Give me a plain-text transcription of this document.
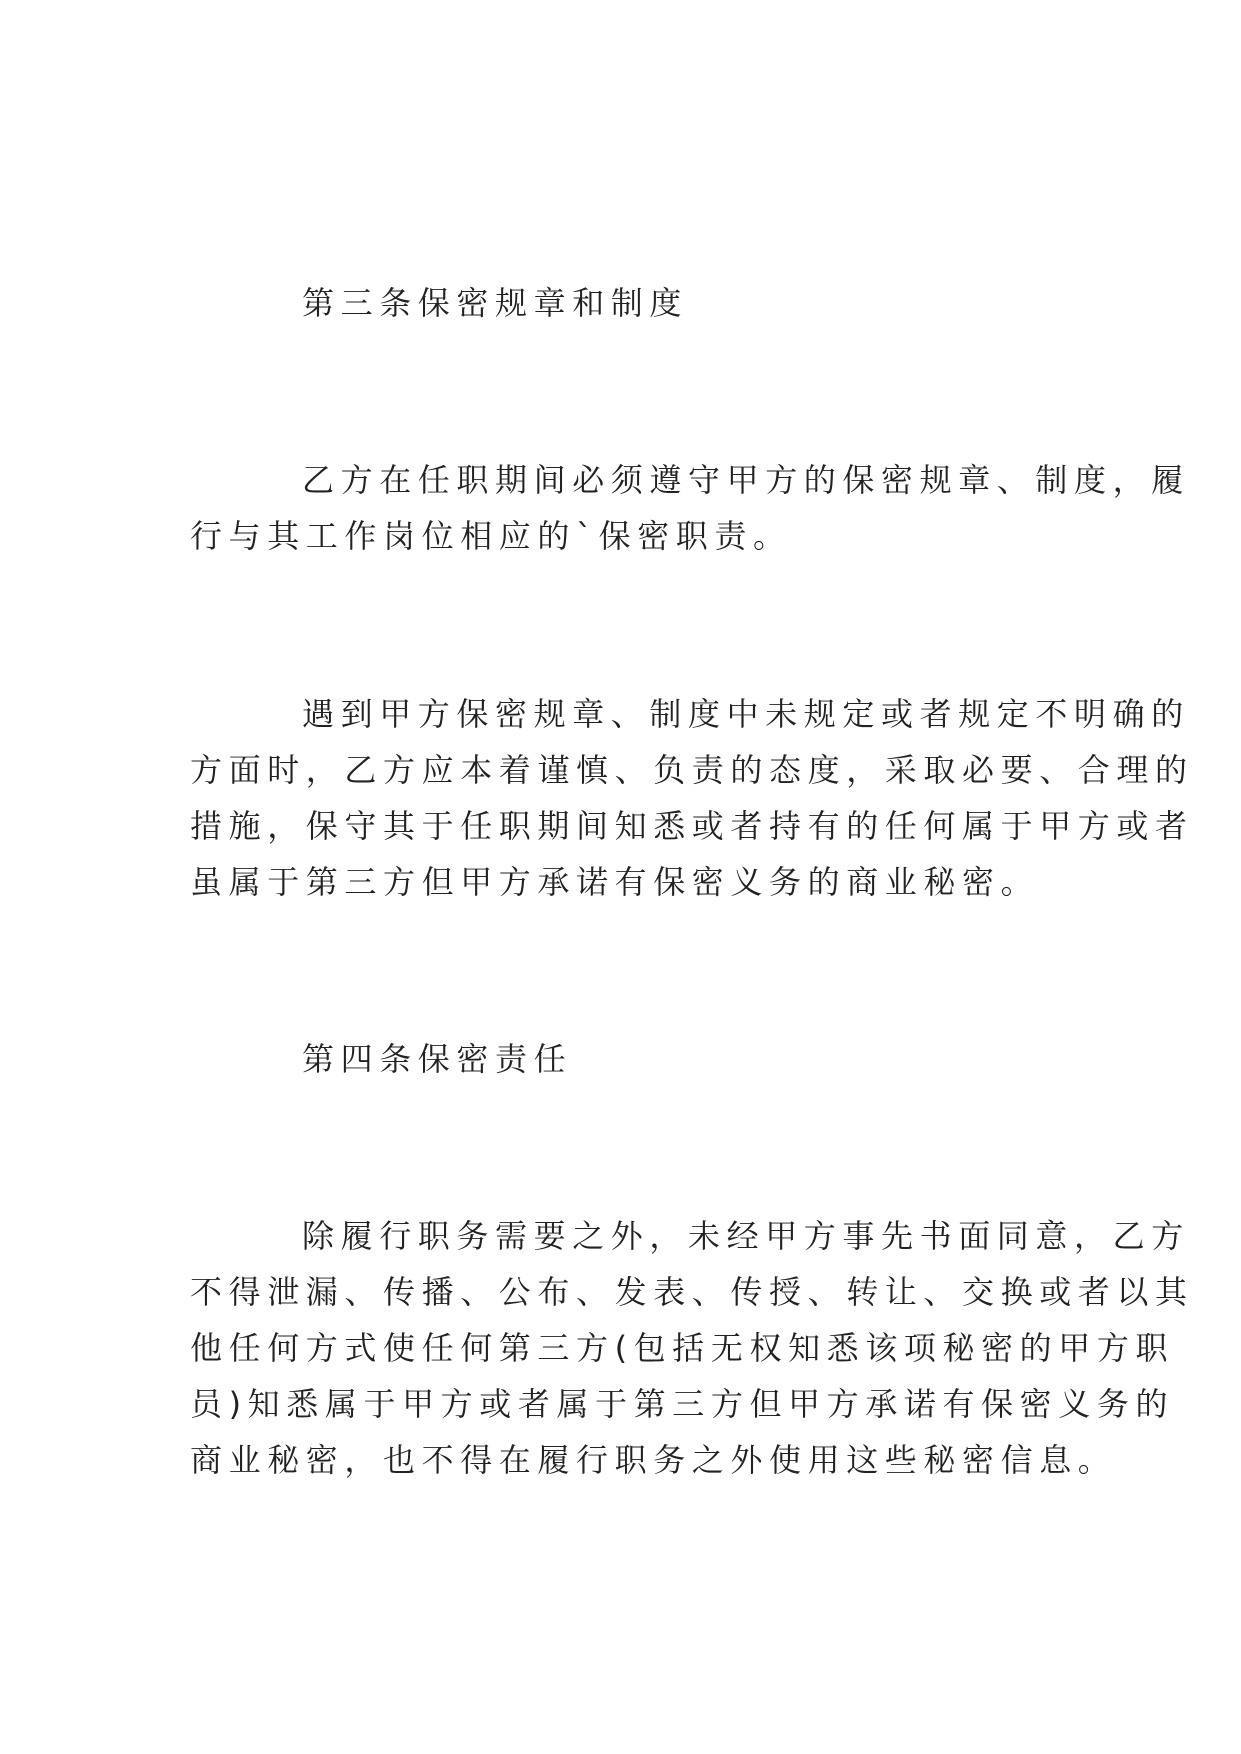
第三条保密规章和制度
乙方在任职期间必须遵守甲方的保密规章、制度，履
行与其工作岗位相应的`保密职责。
遇到甲方保密规章、制度中未规定或者规定不明确的
方面时，乙方应本着谨慎、负责的态度，采取必要、合理的
措施，保守其于任职期间知悉或者持有的任何属于甲方或者
虽属于第三方但甲方承诺有保密义务的商业秘密。
第四条保密责任
除履行职务需要之外，未经甲方事先书面同意，乙方
不得泄漏、传播、公布、发表、传授、转让、交换或者以其
他任何方式使任何第三方(包括无权知悉该项秘密的甲方职
员)知悉属于甲方或者属于第三方但甲方承诺有保密义务的
商业秘密，也不得在履行职务之外使用这些秘密信息。
